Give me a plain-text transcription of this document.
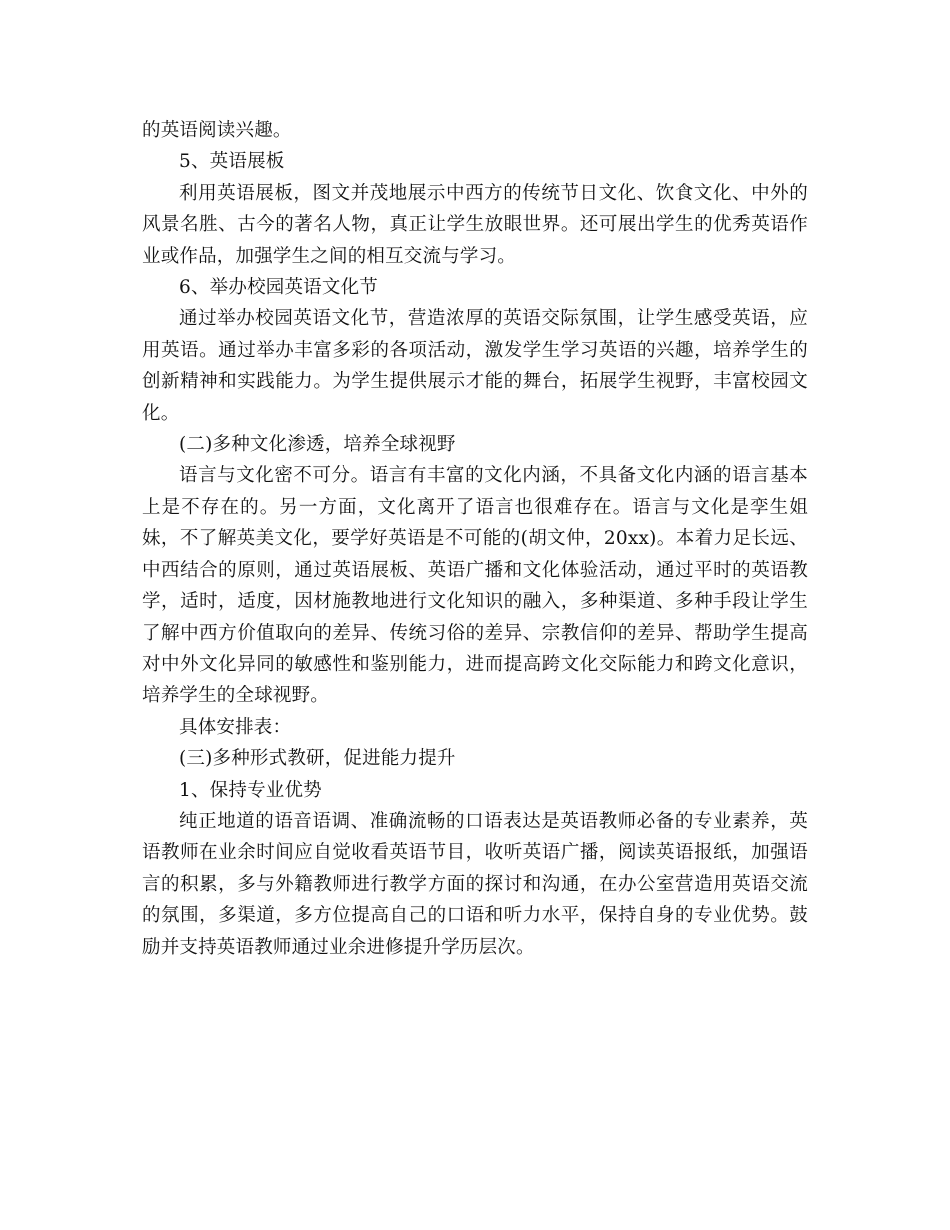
的英语阅读兴趣。

5、英语展板

利用英语展板，图文并茂地展示中西方的传统节日文化、饮食文化、中外的风景名胜、古今的著名人物，真正让学生放眼世界。还可展出学生的优秀英语作业或作品，加强学生之间的相互交流与学习。

6、举办校园英语文化节

通过举办校园英语文化节，营造浓厚的英语交际氛围，让学生感受英语，应用英语。通过举办丰富多彩的各项活动，激发学生学习英语的兴趣，培养学生的创新精神和实践能力。为学生提供展示才能的舞台，拓展学生视野，丰富校园文化。

(二)多种文化渗透，培养全球视野

语言与文化密不可分。语言有丰富的文化内涵，不具备文化内涵的语言基本上是不存在的。另一方面，文化离开了语言也很难存在。语言与文化是孪生姐妹，不了解英美文化，要学好英语是不可能的(胡文仲，20xx)。本着力足长远、中西结合的原则，通过英语展板、英语广播和文化体验活动，通过平时的英语教学，适时，适度，因材施教地进行文化知识的融入，多种渠道、多种手段让学生了解中西方价值取向的差异、传统习俗的差异、宗教信仰的差异、帮助学生提高对中外文化异同的敏感性和鉴别能力，进而提高跨文化交际能力和跨文化意识，培养学生的全球视野。

具体安排表：

(三)多种形式教研，促进能力提升

1、保持专业优势

纯正地道的语音语调、准确流畅的口语表达是英语教师必备的专业素养，英语教师在业余时间应自觉收看英语节目，收听英语广播，阅读英语报纸，加强语言的积累，多与外籍教师进行教学方面的探讨和沟通，在办公室营造用英语交流的氛围，多渠道，多方位提高自己的口语和听力水平，保持自身的专业优势。鼓励并支持英语教师通过业余进修提升学历层次。
